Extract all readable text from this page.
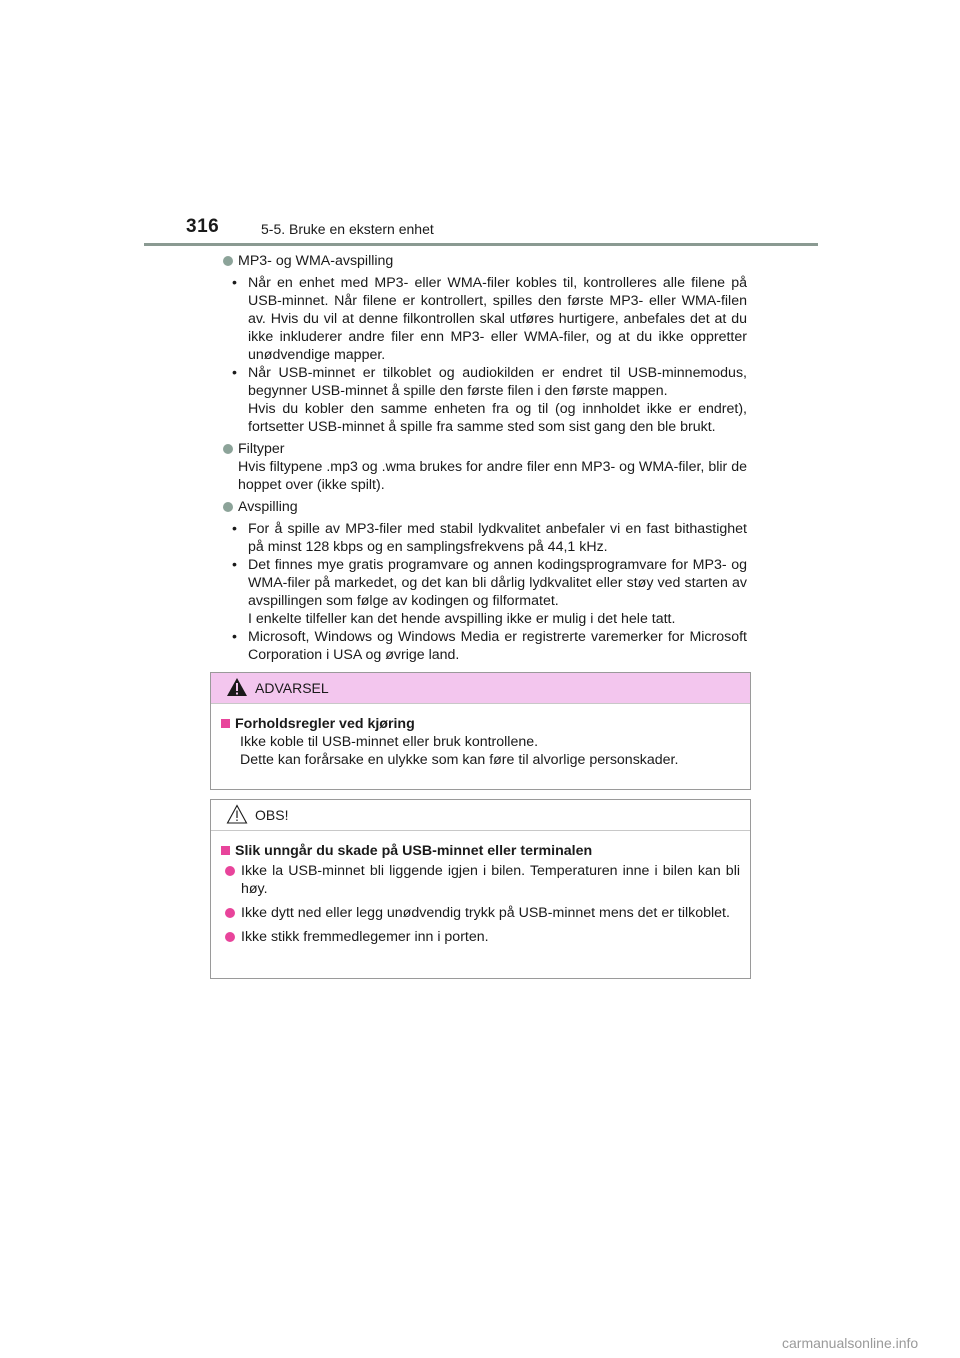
316	5-5. Bruke en ekstern enhet
MP3- og WMA-avspilling
• Når en enhet med MP3- eller WMA-filer kobles til, kontrolleres alle filene på USB-minnet. Når filene er kontrollert, spilles den første MP3- eller WMA-filen av. Hvis du vil at denne filkontrollen skal utføres hurtigere, anbefales det at du ikke inkluderer andre filer enn MP3- eller WMA-filer, og at du ikke oppretter unødvendige mapper.
• Når USB-minnet er tilkoblet og audiokilden er endret til USB-minnemodus, begynner USB-minnet å spille den første filen i den første mappen.
Hvis du kobler den samme enheten fra og til (og innholdet ikke er endret), fortsetter USB-minnet å spille fra samme sted som sist gang den ble brukt.
Filtyper

Hvis filtypene .mp3 og .wma brukes for andre filer enn MP3- og WMA-filer, blir de hoppet over (ikke spilt).

Avspilling
• For å spille av MP3-filer med stabil lydkvalitet anbefaler vi en fast bithastighet på minst 128 kbps og en samplingsfrekvens på 44,1 kHz.
• Det finnes mye gratis programvare og annen kodingsprogramvare for MP3- og WMA-filer på markedet, og det kan bli dårlig lydkvalitet eller støy ved starten av avspillingen som følge av kodingen og filformatet.
I enkelte tilfeller kan det hende avspilling ikke er mulig i det hele tatt.
• Microsoft, Windows og Windows Media er registrerte varemerker for Microsoft Corporation i USA og øvrige land.
ADVARSEL
Forholdsregler ved kjøring
Ikke koble til USB-minnet eller bruk kontrollene.
Dette kan forårsake en ulykke som kan føre til alvorlige personskader.
OBS!
Slik unngår du skade på USB-minnet eller terminalen
Ikke la USB-minnet bli liggende igjen i bilen. Temperaturen inne i bilen kan bli høy.
Ikke dytt ned eller legg unødvendig trykk på USB-minnet mens det er tilkoblet.
Ikke stikk fremmedlegemer inn i porten.
carmanualsonline.info
